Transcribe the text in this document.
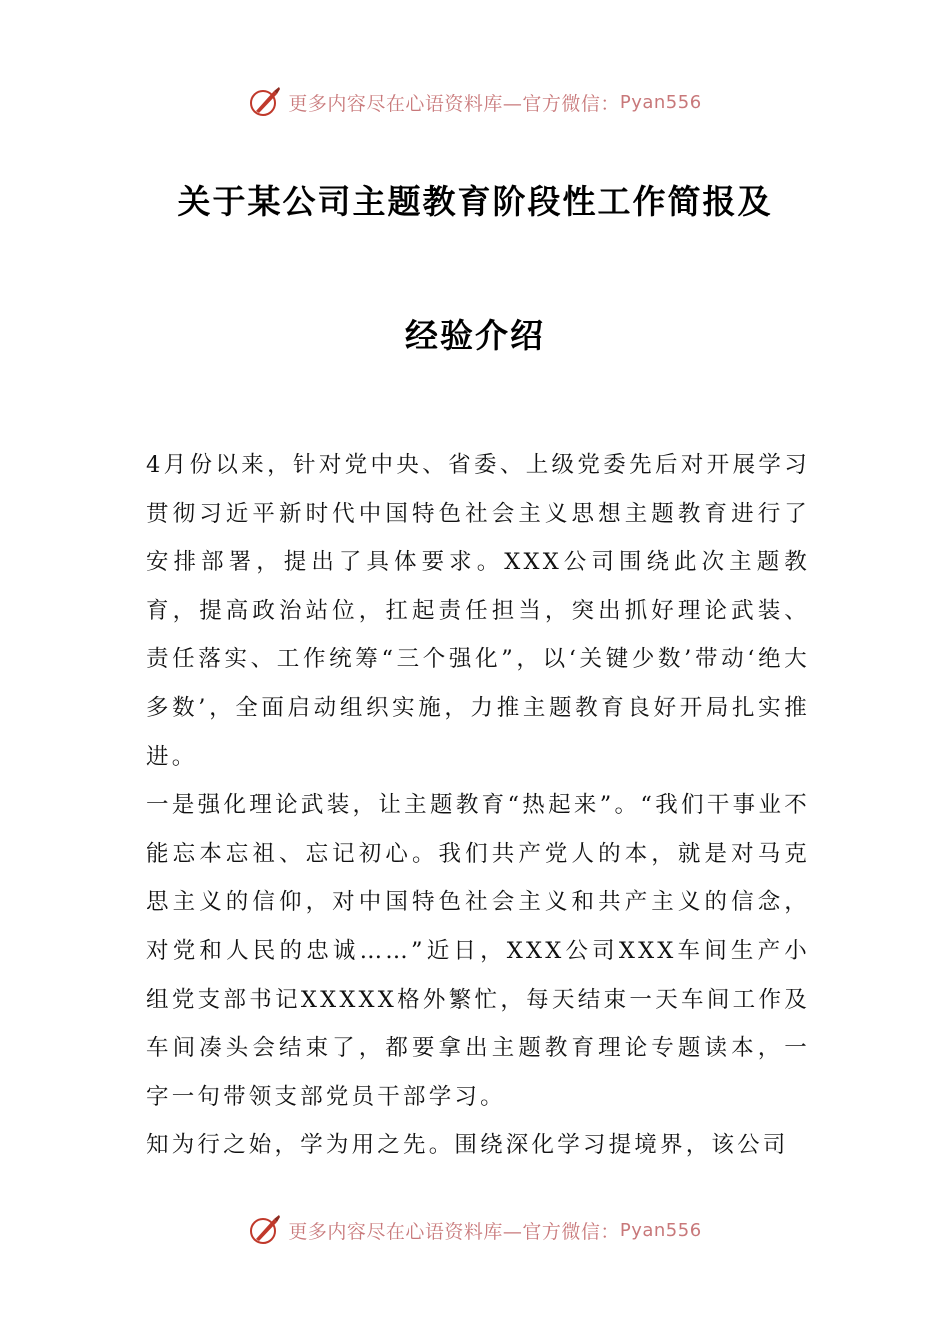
更多内容尽在心语资料库—官方微信： Pyan556
关于某公司主题教育阶段性工作简报及
经验介绍

4月份以来，针对党中央、省委、上级党委先后对开展学习贯彻习近平新时代中国特色社会主义思想主题教育进行了安排部署，提出了具体要求。XXX公司围绕此次主题教育，提高政治站位，扛起责任担当，突出抓好理论武装、责任落实、工作统筹“三个强化”，以‘关键少数’带动‘绝大多数’，全面启动组织实施，力推主题教育良好开局扎实推进。

一是强化理论武装，让主题教育“热起来”。“我们干事业不能忘本忘祖、忘记初心。我们共产党人的本，就是对马克思主义的信仰，对中国特色社会主义和共产主义的信念，对党和人民的忠诚……”近日，XXX公司XXX车间生产小组党支部书记XXXXX格外繁忙，每天结束一天车间工作及车间凑头会结束了，都要拿出主题教育理论专题读本，一字一句带领支部党员干部学习。

知为行之始，学为用之先。围绕深化学习提境界，该公司

更多内容尽在心语资料库—官方微信： Pyan556
